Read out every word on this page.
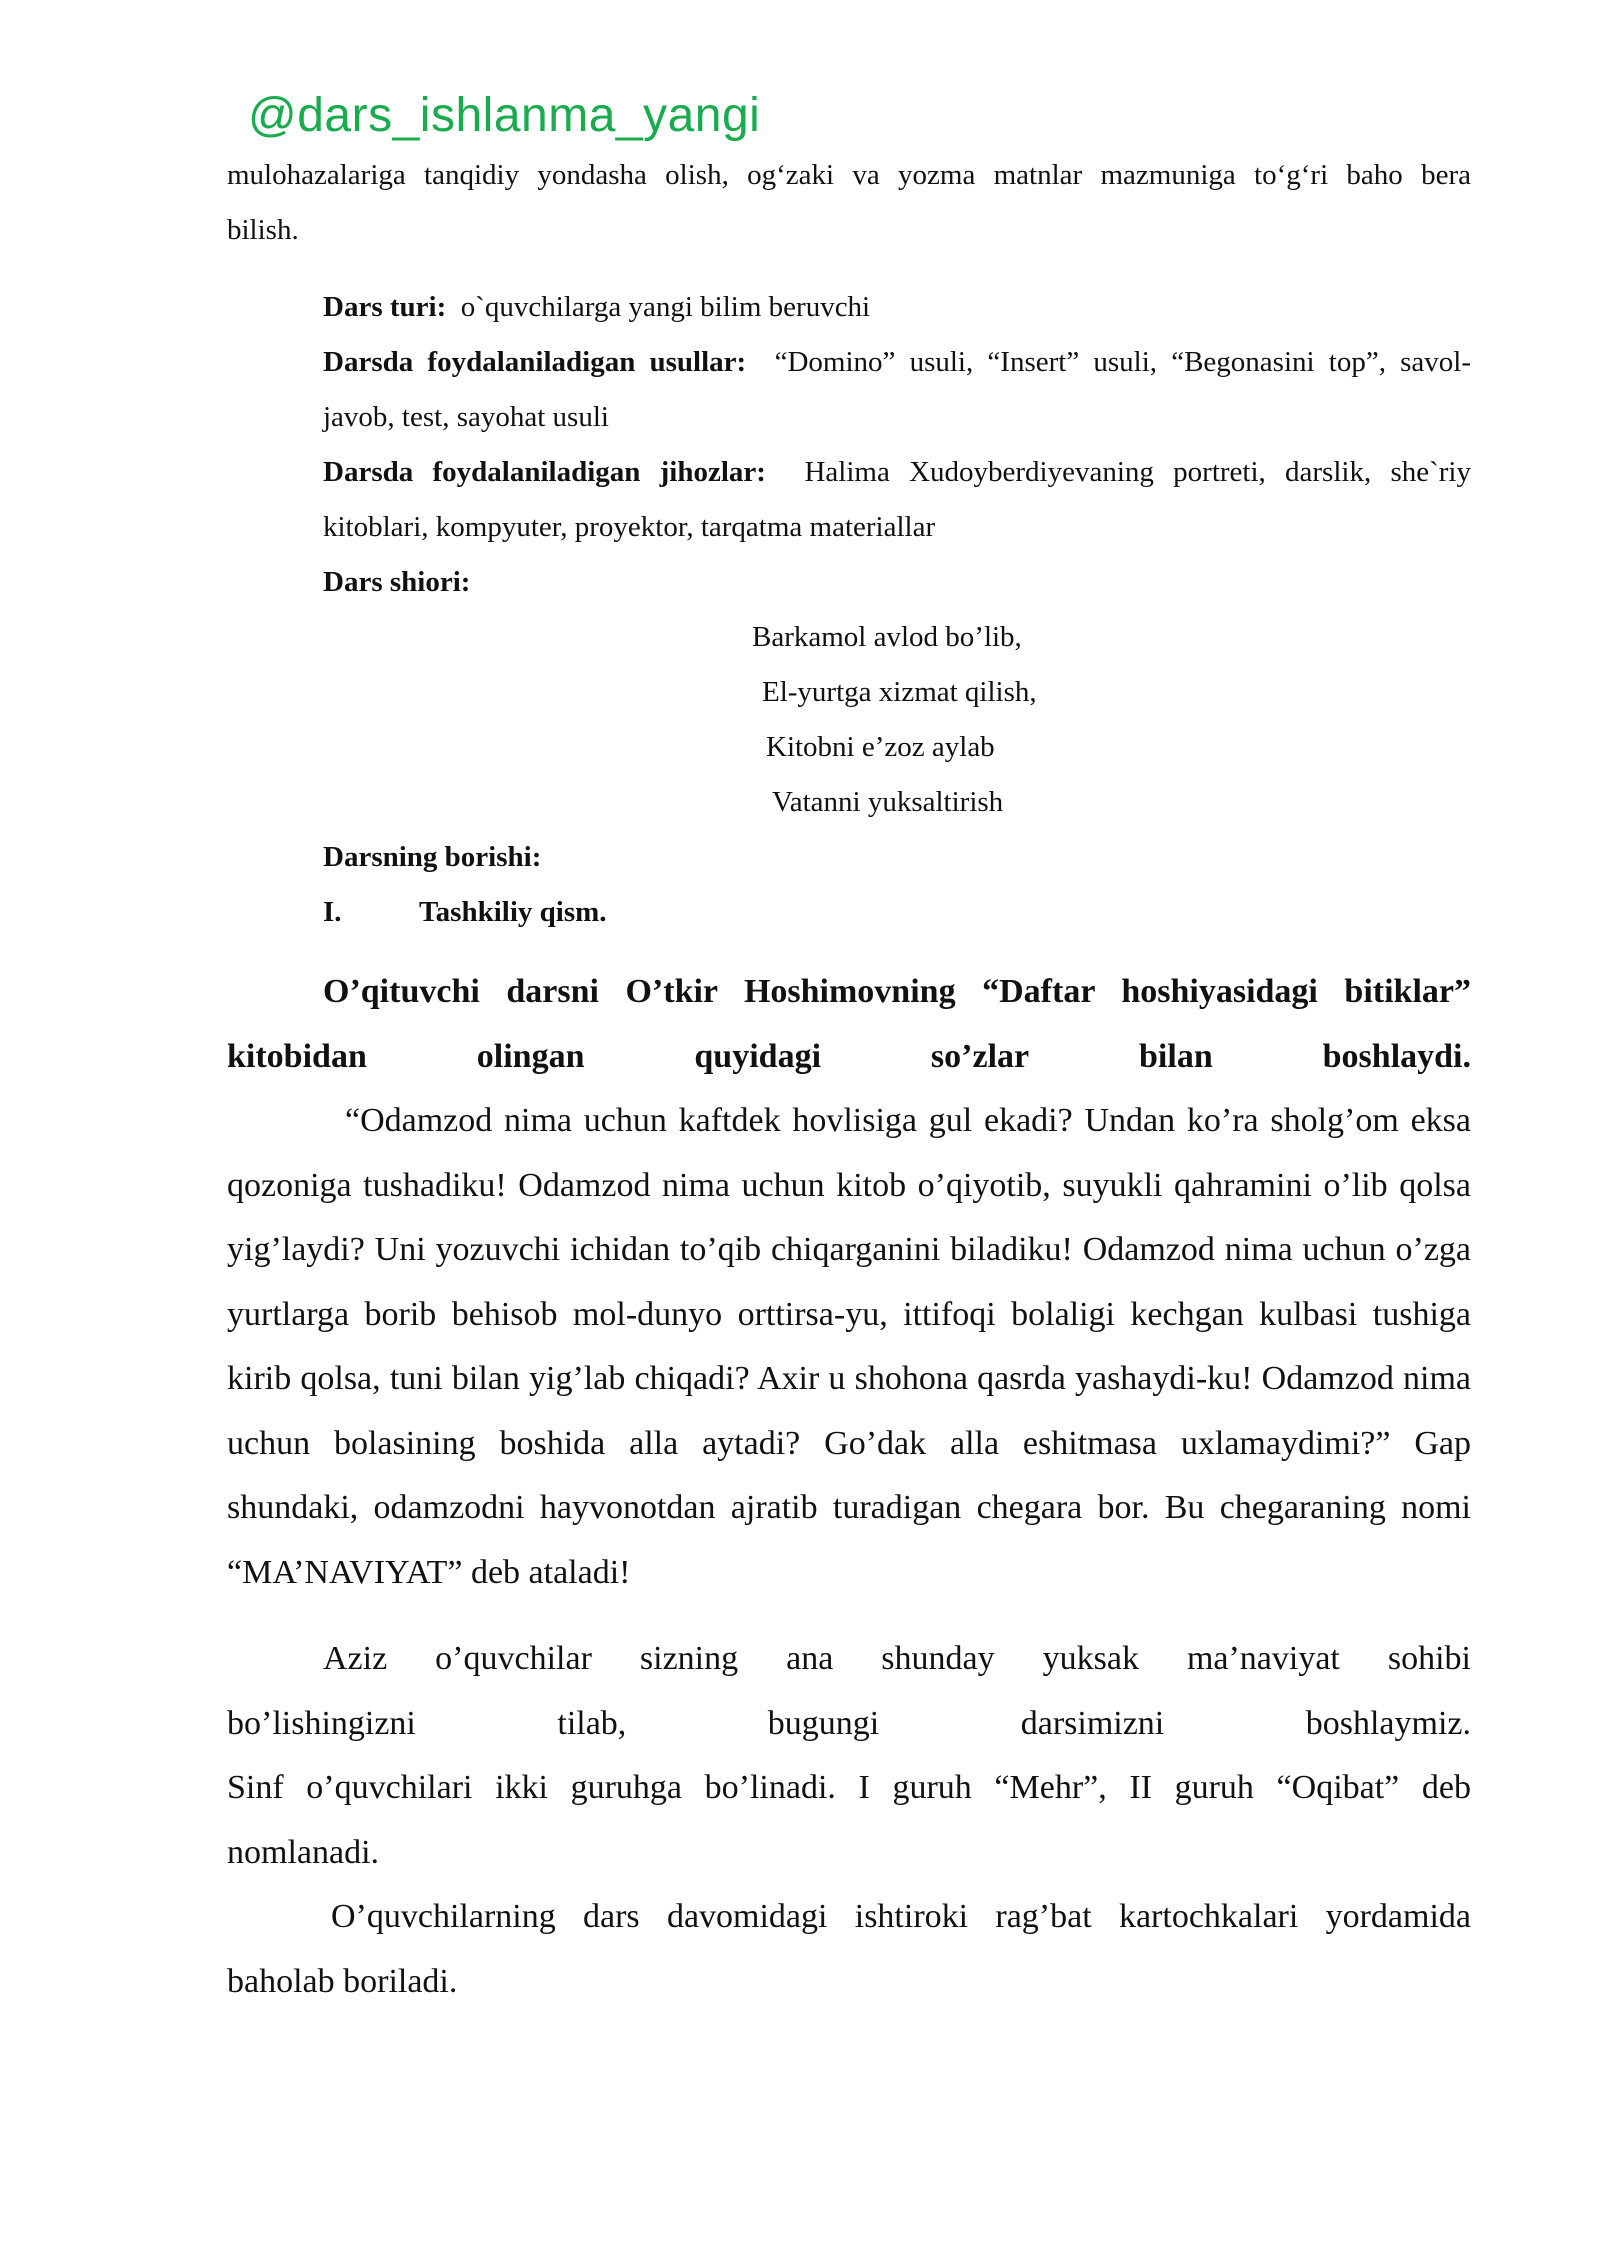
@dars_ishlanma_yangi

mulohazalariga tanqidiy yondasha olish, og‘zaki va yozma matnlar mazmuniga to‘g‘ri baho bera

bilish.

Dars turi: o`quvchilarga yangi bilim beruvchi

Darsda foydalaniladigan usullar: “Domino” usuli, “Insert” usuli, “Begonasini top”, savol-javob, test, sayohat usuli

Darsda foydalaniladigan jihozlar: Halima Xudoyberdiyevaning portreti, darslik, she`riy kitoblari, kompyuter, proyektor, tarqatma materiallar

Dars shiori:

Barkamol avlod bo’lib,
El-yurtga xizmat qilish,
Kitobni e’zoz aylab
Vatanni yuksaltirish

Darsning borishi:

I.	Tashkiliy qism.

O’qituvchi darsni O’tkir Hoshimovning “Daftar hoshiyasidagi bitiklar”

kitobidan	olingan	quyidagi	so’zlar	bilan	boshlaydi.

“Odamzod nima uchun kaftdek hovlisiga gul ekadi? Undan ko’ra sholg’om eksa qozoniga tushadiku! Odamzod nima uchun kitob o’qiyotib, suyukli qahramini o’lib qolsa yig’laydi? Uni yozuvchi ichidan to’qib chiqarganini biladiku! Odamzod nima uchun o’zga yurtlarga borib behisob mol-dunyo orttirsa-yu, ittifoqi bolaligi kechgan kulbasi tushiga kirib qolsa, tuni bilan yig’lab chiqadi? Axir u shohona qasrda yashaydi-ku! Odamzod nima uchun bolasining boshida alla aytadi? Go’dak alla eshitmasa uxlamaydimi?” Gap shundaki, odamzodni hayvonotdan ajratib turadigan chegara bor. Bu chegaraning nomi “MA’NAVIYAT” deb ataladi!

Aziz o’quvchilar sizning ana shunday yuksak ma’naviyat sohibi

bo’lishingizni tilab, bugungi darsimizni boshlaymiz.

Sinf o’quvchilari ikki guruhga bo’linadi. I guruh “Mehr”, II guruh “Oqibat” deb nomlanadi.

O’quvchilarning dars davomidagi ishtiroki rag’bat kartochkalari yordamida baholab boriladi.
